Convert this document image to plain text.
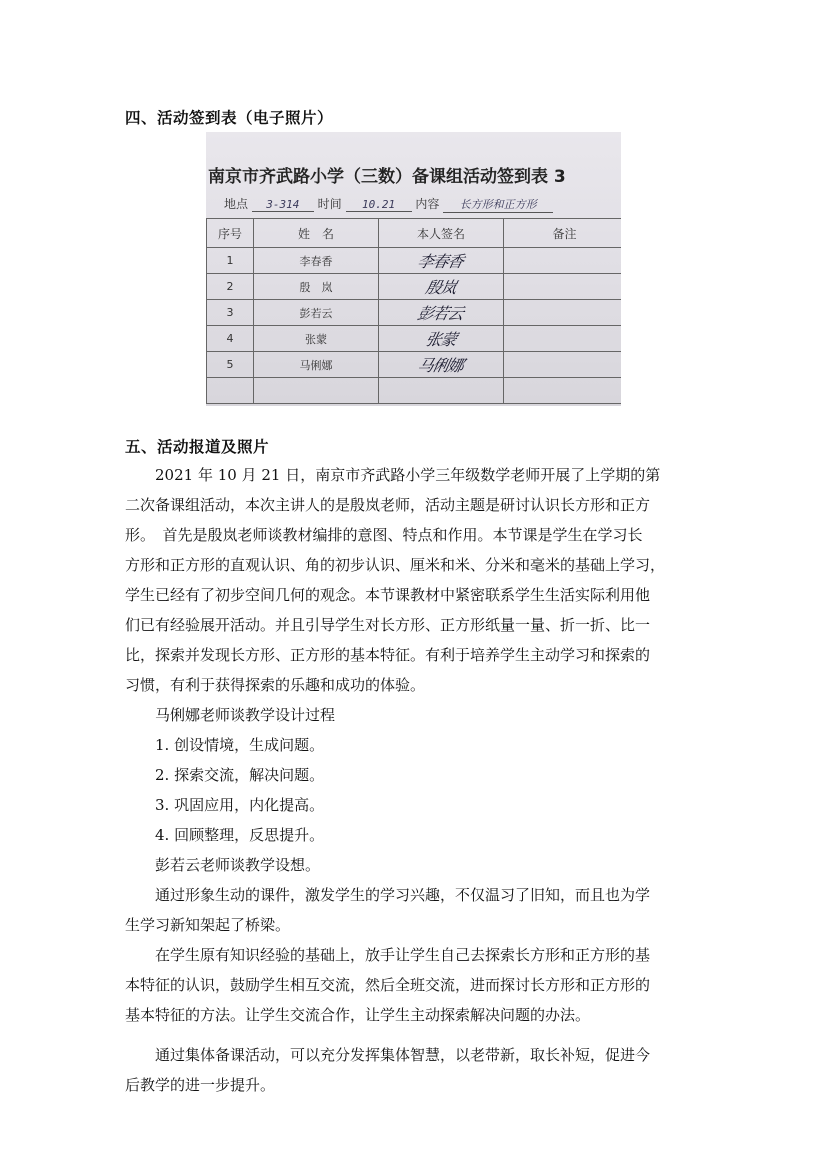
四、活动签到表（电子照片）
南京市齐武路小学（三数）备课组活动签到表 3
地点 3-314 时间 10.21 内容 长方形和正方形
序号	姓　名	本人签名	备注
1	李春香	李春香	
2	殷　岚	殷岚	
3	彭若云	彭若云	
4	张蒙	张蒙	
5	马俐娜	马俐娜	

五、活动报道及照片
2021 年 10 月 21 日，南京市齐武路小学三年级数学老师开展了上学期的第
二次备课组活动，本次主讲人的是殷岚老师，活动主题是研讨认识长方形和正方
形。　首先是殷岚老师谈教材编排的意图、特点和作用。本节课是学生在学习长
方形和正方形的直观认识、角的初步认识、厘米和米、分米和毫米的基础上学习，
学生已经有了初步空间几何的观念。本节课教材中紧密联系学生生活实际利用他
们已有经验展开活动。并且引导学生对长方形、正方形纸量一量、折一折、比一
比，探索并发现长方形、正方形的基本特征。有利于培养学生主动学习和探索的
习惯，有利于获得探索的乐趣和成功的体验。
马俐娜老师谈教学设计过程
1. 创设情境，生成问题。
2. 探索交流，解决问题。
3. 巩固应用，内化提高。
4. 回顾整理，反思提升。
彭若云老师谈教学设想。
通过形象生动的课件，激发学生的学习兴趣，不仅温习了旧知，而且也为学
生学习新知架起了桥梁。
在学生原有知识经验的基础上，放手让学生自己去探索长方形和正方形的基
本特征的认识，鼓励学生相互交流，然后全班交流，进而探讨长方形和正方形的
基本特征的方法。让学生交流合作，让学生主动探索解决问题的办法。
通过集体备课活动，可以充分发挥集体智慧，以老带新，取长补短，促进今
后教学的进一步提升。
